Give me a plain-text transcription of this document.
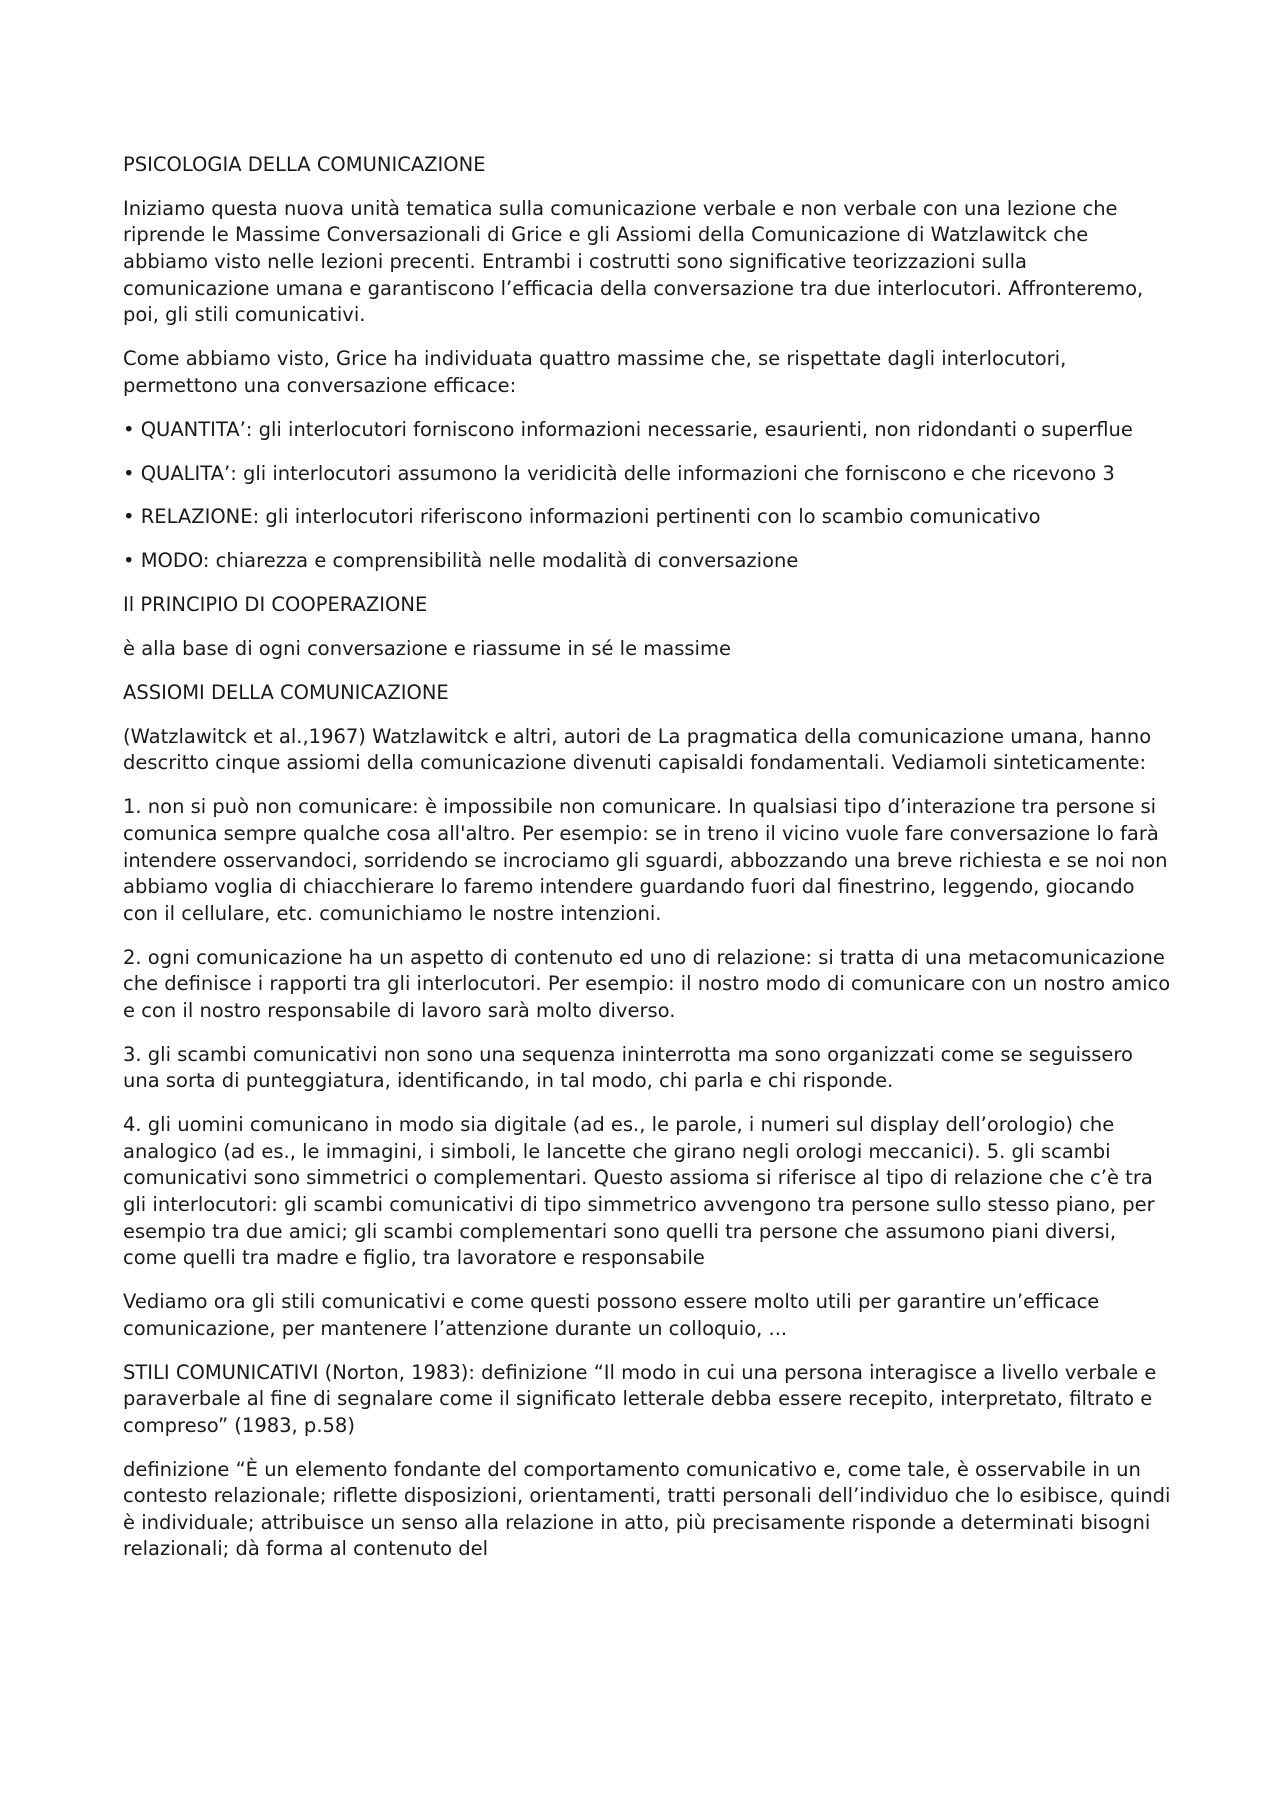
PSICOLOGIA DELLA COMUNICAZIONE

Iniziamo questa nuova unità tematica sulla comunicazione verbale e non verbale con una lezione che riprende le Massime Conversazionali di Grice e gli Assiomi della Comunicazione di Watzlawitck che abbiamo visto nelle lezioni precenti. Entrambi i costrutti sono significative teorizzazioni sulla comunicazione umana e garantiscono l’efficacia della conversazione tra due interlocutori. Affronteremo, poi, gli stili comunicativi.

Come abbiamo visto, Grice ha individuata quattro massime che, se rispettate dagli interlocutori, permettono una conversazione efficace:

• QUANTITA’: gli interlocutori forniscono informazioni necessarie, esaurienti, non ridondanti o superflue

• QUALITA’: gli interlocutori assumono la veridicità delle informazioni che forniscono e che ricevono 3

• RELAZIONE: gli interlocutori riferiscono informazioni pertinenti con lo scambio comunicativo

• MODO: chiarezza e comprensibilità nelle modalità di conversazione

Il PRINCIPIO DI COOPERAZIONE

è alla base di ogni conversazione e riassume in sé le massime

ASSIOMI DELLA COMUNICAZIONE

(Watzlawitck et al.,1967) Watzlawitck e altri, autori de La pragmatica della comunicazione umana, hanno descritto cinque assiomi della comunicazione divenuti capisaldi fondamentali. Vediamoli sinteticamente:

1. non si può non comunicare: è impossibile non comunicare. In qualsiasi tipo d’interazione tra persone si comunica sempre qualche cosa all'altro. Per esempio: se in treno il vicino vuole fare conversazione lo farà intendere osservandoci, sorridendo se incrociamo gli sguardi, abbozzando una breve richiesta e se noi non abbiamo voglia di chiacchierare lo faremo intendere guardando fuori dal finestrino, leggendo, giocando con il cellulare, etc. comunichiamo le nostre intenzioni.

2. ogni comunicazione ha un aspetto di contenuto ed uno di relazione: si tratta di una metacomunicazione che definisce i rapporti tra gli interlocutori. Per esempio: il nostro modo di comunicare con un nostro amico e con il nostro responsabile di lavoro sarà molto diverso.

3. gli scambi comunicativi non sono una sequenza ininterrotta ma sono organizzati come se seguissero una sorta di punteggiatura, identificando, in tal modo, chi parla e chi risponde.

4. gli uomini comunicano in modo sia digitale (ad es., le parole, i numeri sul display dell’orologio) che analogico (ad es., le immagini, i simboli, le lancette che girano negli orologi meccanici). 5. gli scambi comunicativi sono simmetrici o complementari. Questo assioma si riferisce al tipo di relazione che c’è tra gli interlocutori: gli scambi comunicativi di tipo simmetrico avvengono tra persone sullo stesso piano, per esempio tra due amici; gli scambi complementari sono quelli tra persone che assumono piani diversi, come quelli tra madre e figlio, tra lavoratore e responsabile

Vediamo ora gli stili comunicativi e come questi possono essere molto utili per garantire un’efficace comunicazione, per mantenere l’attenzione durante un colloquio, ...

STILI COMUNICATIVI (Norton, 1983): definizione “Il modo in cui una persona interagisce a livello verbale e paraverbale al fine di segnalare come il significato letterale debba essere recepito, interpretato, filtrato e compreso” (1983, p.58)

definizione “È un elemento fondante del comportamento comunicativo e, come tale, è osservabile in un contesto relazionale; riflette disposizioni, orientamenti, tratti personali dell’individuo che lo esibisce, quindi è individuale; attribuisce un senso alla relazione in atto, più precisamente risponde a determinati bisogni relazionali; dà forma al contenuto del
